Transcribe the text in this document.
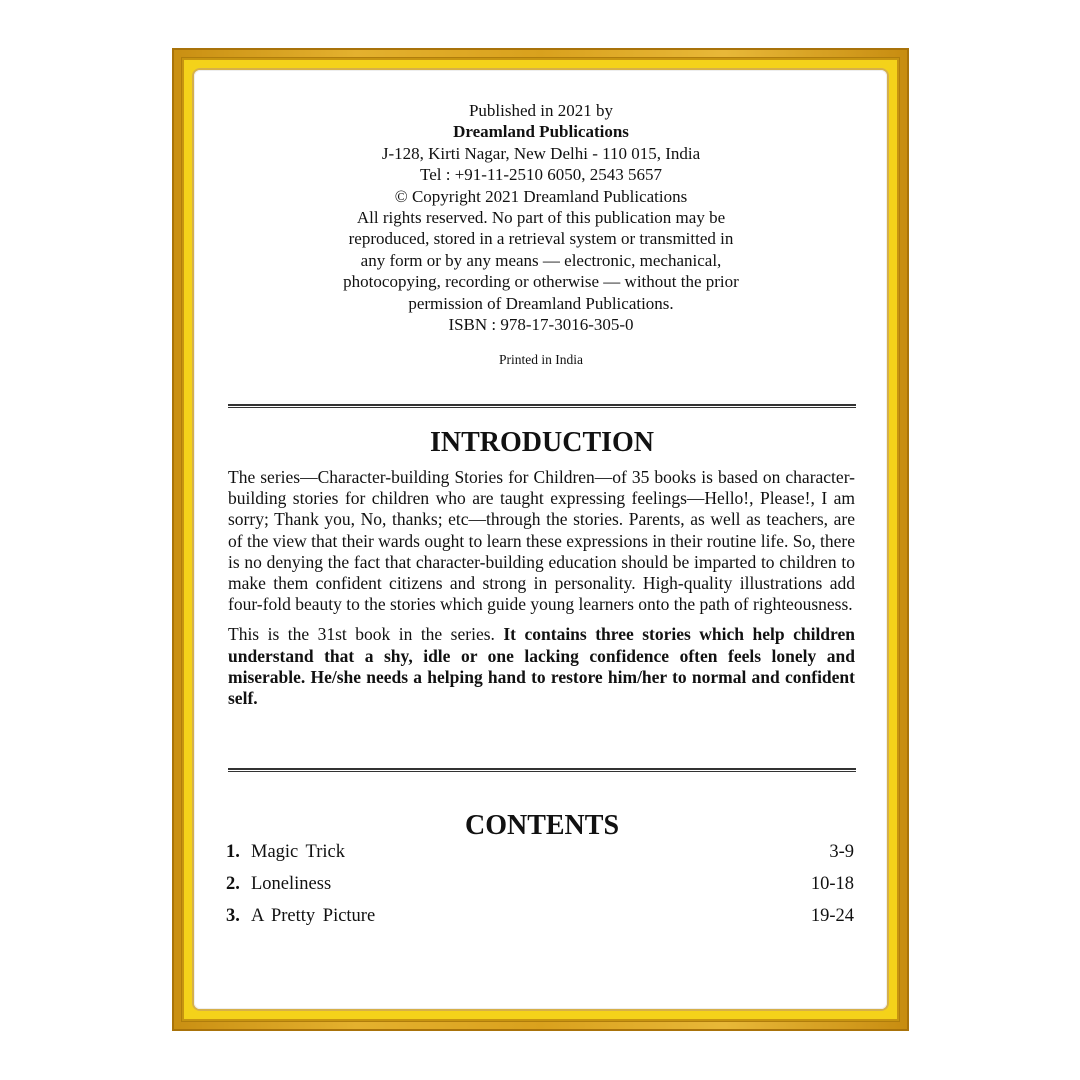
Published in 2021 by

Dreamland Publications

J-128, Kirti Nagar, New Delhi - 110 015, India

Tel : +91-11-2510 6050, 2543 5657

© Copyright 2021 Dreamland Publications

All rights reserved. No part of this publication may be

reproduced, stored in a retrieval system or transmitted in

any form or by any means — electronic, mechanical,

photocopying, recording or otherwise — without the prior

permission of Dreamland Publications.

ISBN : 978-17-3016-305-0

Printed in India
INTRODUCTION

The series—Character-building Stories for Children—of 35 books is based on character-building stories for children who are taught expressing feelings—Hello!, Please!, I am sorry; Thank you, No, thanks; etc—through the stories. Parents, as well as teachers, are of the view that their wards ought to learn these expressions in their routine life. So, there is no denying the fact that character-building education should be imparted to children to make them confident citizens and strong in personality. High-quality illustrations add four-fold beauty to the stories which guide young learners onto the path of righteousness.

This is the 31st book in the series. It contains three stories which help children understand that a shy, idle or one lacking confidence often feels lonely and miserable. He/she needs a helping hand to restore him/her to normal and confident self.

CONTENTS
1. Magic Trick	3-9
2. Loneliness	10-18
3. A Pretty Picture	19-24
